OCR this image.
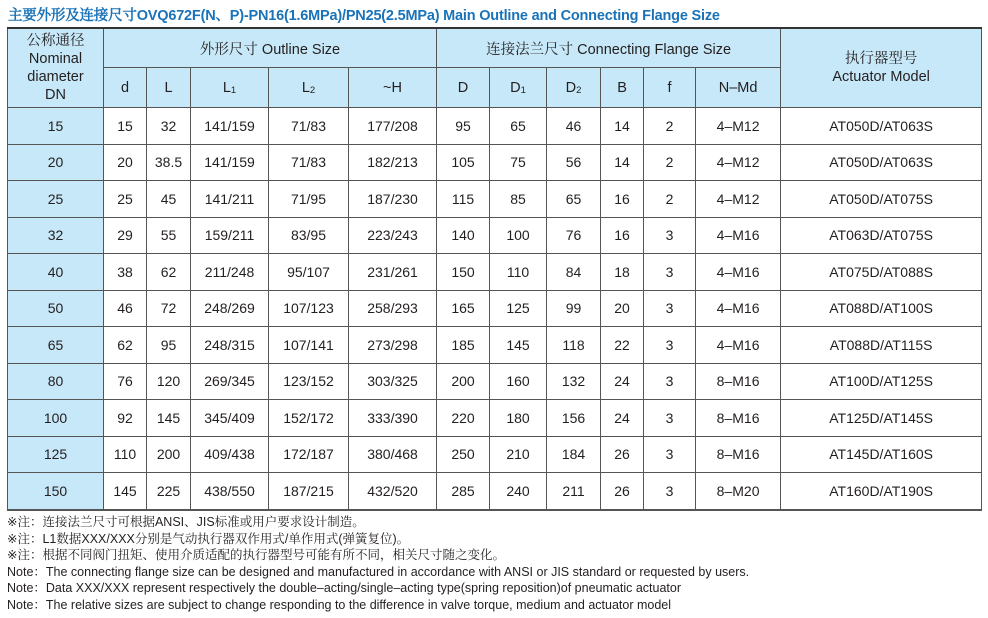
主要外形及连接尺寸OVQ672F(N、P)-PN16(1.6MPa)/PN25(2.5MPa) Main Outline and Connecting Flange Size
公称通径
Nominal
diameter
DN
	外形尺寸 Outline Size	连接法兰尺寸 Connecting Flange Size	
执行器型号
Actuator Model

	d	L	$L_1$	$L_2$	~H	D	$D_1$	$D_2$	B	f	N–Md	
15	15	32	141/159	71/83	177/208	95	65	46	14	2	4–M12	AT050D/AT063S
20	20	38.5	141/159	71/83	182/213	105	75	56	14	2	4–M12	AT050D/AT063S
25	25	45	141/211	71/95	187/230	115	85	65	16	2	4–M12	AT050D/AT075S
32	29	55	159/211	83/95	223/243	140	100	76	16	3	4–M16	AT063D/AT075S
40	38	62	211/248	95/107	231/261	150	110	84	18	3	4–M16	AT075D/AT088S
50	46	72	248/269	107/123	258/293	165	125	99	20	3	4–M16	AT088D/AT100S
65	62	95	248/315	107/141	273/298	185	145	118	22	3	4–M16	AT088D/AT115S
80	76	120	269/345	123/152	303/325	200	160	132	24	3	8–M16	AT100D/AT125S
100	92	145	345/409	152/172	333/390	220	180	156	24	3	8–M16	AT125D/AT145S
125	110	200	409/438	172/187	380/468	250	210	184	26	3	8–M16	AT145D/AT160S
150	145	225	438/550	187/215	432/520	285	240	211	26	3	8–M20	AT160D/AT190S
※注：连接法兰尺寸可根据ANSI、JIS标准或用户要求设计制造。
※注：L1数据XXX/XXX分别是气动执行器双作用式/单作用式(弹簧复位)。
※注：根据不同阀门扭矩、使用介质适配的执行器型号可能有所不同，相关尺寸随之变化。
Note：The connecting flange size can be designed and manufactured in accordance with ANSI or JIS standard or requested by users.
Note：Data XXX/XXX represent respectively the double–acting/single–acting type(spring reposition)of pneumatic actuator
Note：The relative sizes are subject to change responding to the difference in valve torque, medium and actuator model
